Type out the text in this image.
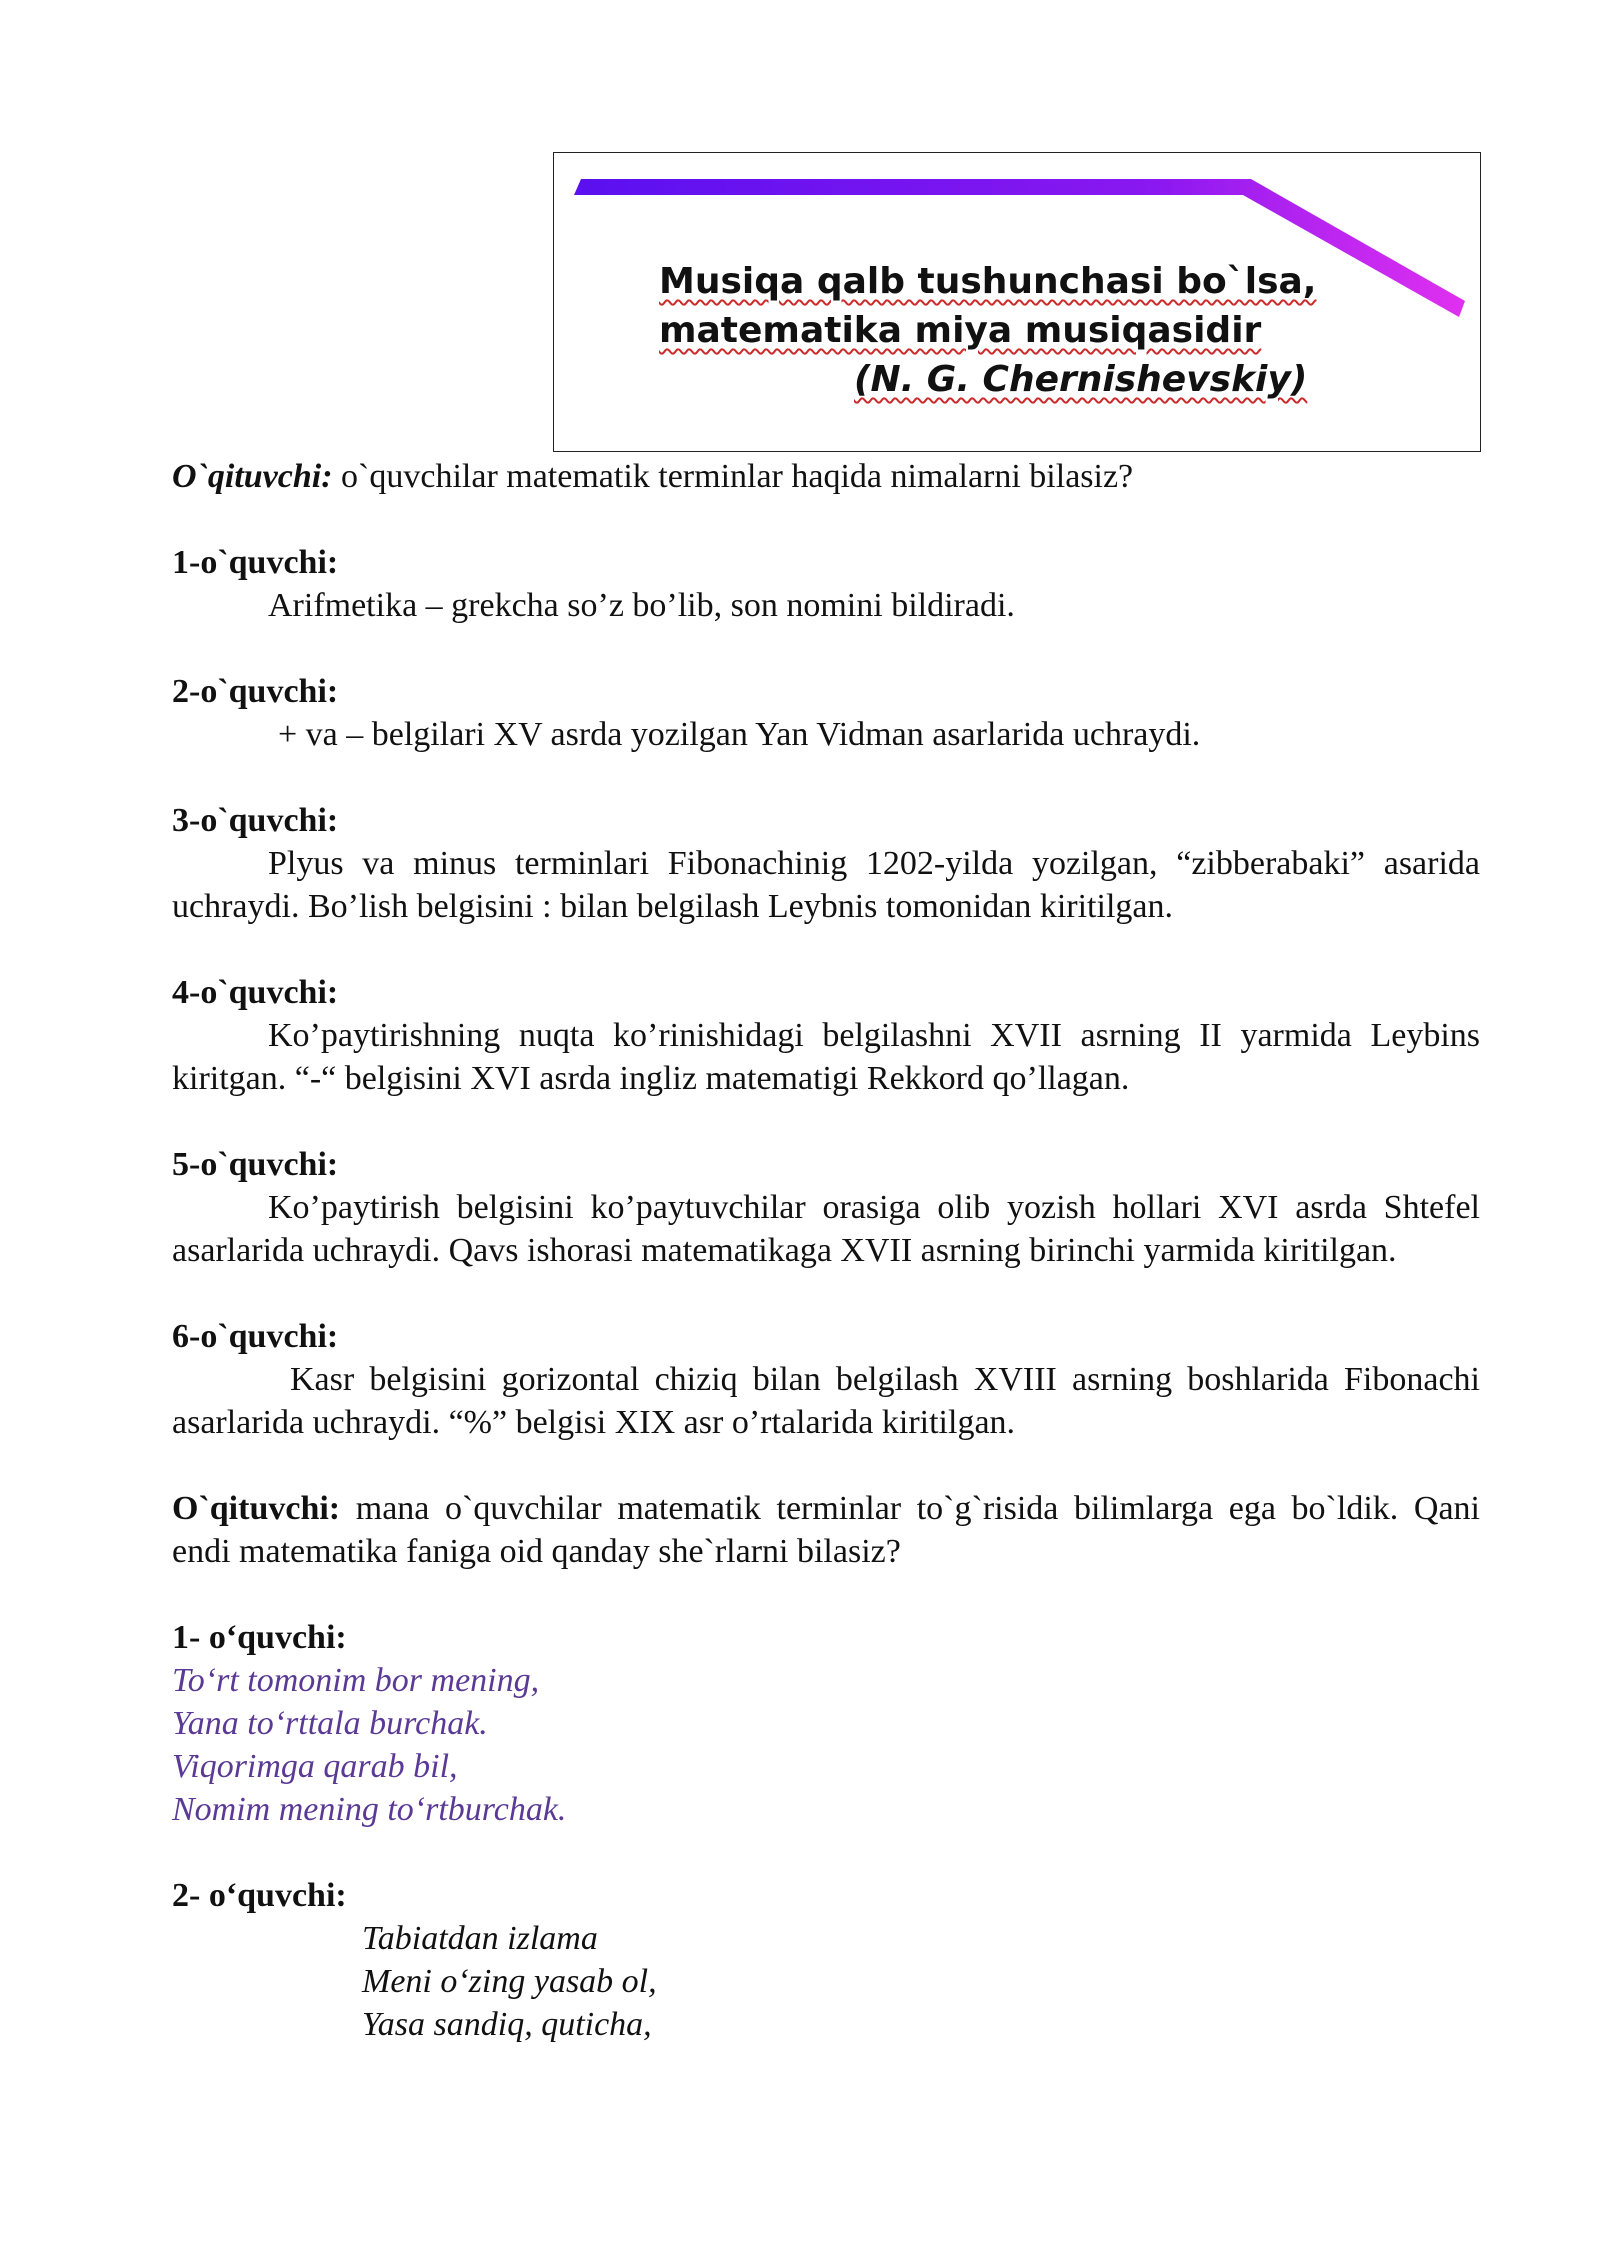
Musiqa qalb tushunchasi bo`lsa,
matematika miya musiqasidir
(N. G. Chernishevskiy)

O`qituvchi: o`quvchilar matematik terminlar haqida nimalarni bilasiz?

1-o`quvchi:

Arifmetika – grekcha so’z bo’lib, son nomini bildiradi.

2-o`quvchi:

+ va – belgilari XV asrda yozilgan Yan Vidman asarlarida uchraydi.

3-o`quvchi:

Plyus va minus terminlari Fibonachinig 1202-yilda yozilgan, “zibberabaki” asarida uchraydi. Bo’lish belgisini : bilan belgilash Leybnis tomonidan kiritilgan.

4-o`quvchi:

Ko’paytirishning nuqta ko’rinishidagi belgilashni XVII asrning II yarmida Leybins kiritgan. “-“ belgisini XVI asrda ingliz matematigi Rekkord qo’llagan.

5-o`quvchi:

Ko’paytirish belgisini ko’paytuvchilar orasiga olib yozish hollari XVI asrda Shtefel asarlarida uchraydi. Qavs ishorasi matematikaga XVII asrning birinchi yarmida kiritilgan.

6-o`quvchi:

Kasr belgisini gorizontal chiziq bilan belgilash XVIII asrning boshlarida Fibonachi asarlarida uchraydi. “%” belgisi XIX asr o’rtalarida kiritilgan.

O`qituvchi: mana o`quvchilar matematik terminlar to`g`risida bilimlarga ega bo`ldik. Qani endi matematika faniga oid qanday she`rlarni bilasiz?

1- o‘quvchi:

To‘rt tomonim bor mening,

Yana to‘rttala burchak.

Viqorimga qarab bil,

Nomim mening to‘rtburchak.

2- o‘quvchi:

Tabiatdan izlama

Meni o‘zing yasab ol,

Yasa sandiq, quticha,
